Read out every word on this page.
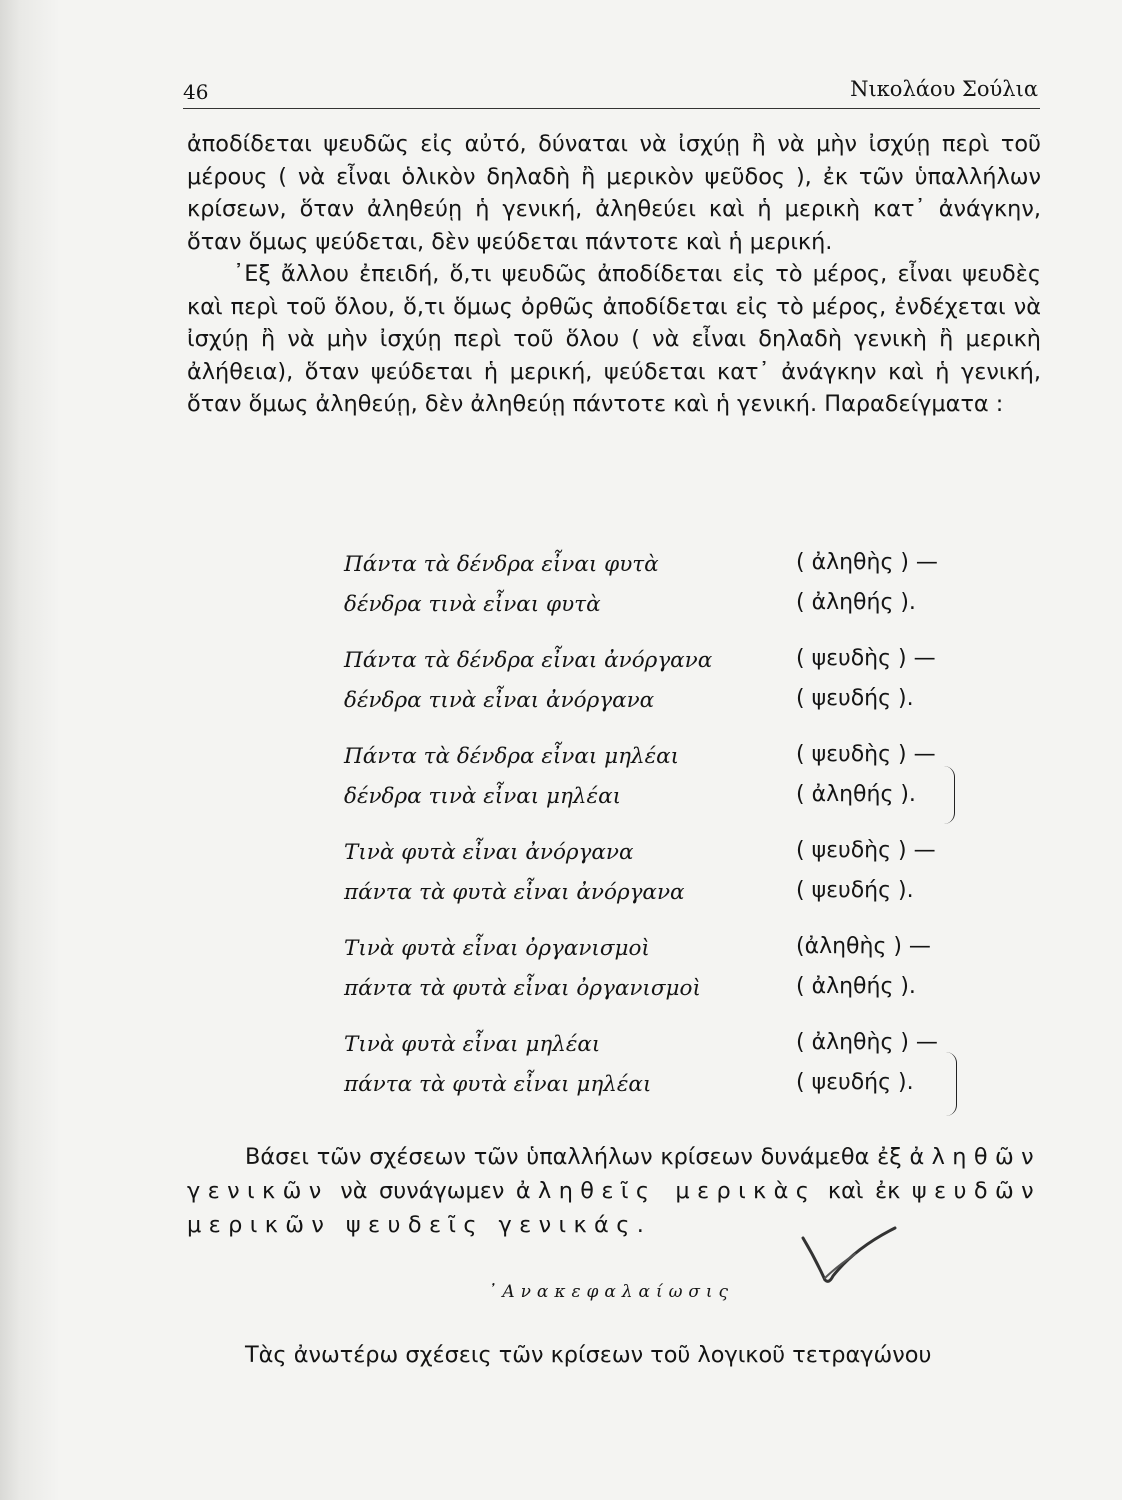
46	Νικολάου Σούλια

ἀποδίδεται ψευδῶς εἰς αὐτό, δύναται νὰ ἰσχύῃ ἢ νὰ μὴν ἰσχύῃ περὶ τοῦ μέρους ( νὰ εἶναι ὁλικὸν δηλαδὴ ἢ μερικὸν ψεῦδος ), ἐκ τῶν ὑπαλλήλων κρίσεων, ὅταν ἀληθεύῃ ἡ γενική, ἀληθεύει καὶ ἡ μερικὴ κατ᾽ ἀνάγκην, ὅταν ὅμως ψεύδεται, δὲν ψεύδεται πάντοτε καὶ ἡ μερική.

᾽Εξ ἄλλου ἐπειδή, ὅ,τι ψευδῶς ἀποδίδεται εἰς τὸ μέρος, εἶναι ψευδὲς καὶ περὶ τοῦ ὅλου, ὅ,τι ὅμως ὀρθῶς ἀποδίδεται εἰς τὸ μέρος, ἐνδέχεται νὰ ἰσχύῃ ἢ νὰ μὴν ἰσχύῃ περὶ τοῦ ὅλου ( νὰ εἶναι δηλαδὴ γενικὴ ἢ μερικὴ ἀλήθεια), ὅταν ψεύδεται ἡ μερική, ψεύδεται κατ᾽ ἀνάγκην καὶ ἡ γενική, ὅταν ὅμως ἀληθεύῃ, δὲν ἀληθεύῃ πάντοτε καὶ ἡ γενική. Παραδείγματα :

Πάντα τὰ δένδρα εἶναι φυτὰ	( ἀληθὴς ) —
δένδρα τινὰ εἶναι φυτὰ	( ἀληθής ).
Πάντα τὰ δένδρα εἶναι ἀνόργανα	( ψευδὴς ) —
δένδρα τινὰ εἶναι ἀνόργανα	( ψευδής ).
Πάντα τὰ δένδρα εἶναι μηλέαι	( ψευδὴς ) —
δένδρα τινὰ εἶναι μηλέαι	( ἀληθής ).
Τινὰ φυτὰ εἶναι ἀνόργανα	( ψευδὴς ) —
πάντα τὰ φυτὰ εἶναι ἀνόργανα	( ψευδής ).
Τινὰ φυτὰ εἶναι ὀργανισμοὶ	(ἀληθὴς ) —
πάντα τὰ φυτὰ εἶναι ὀργανισμοὶ	( ἀληθής ).
Τινὰ φυτὰ εἶναι μηλέαι	( ἀληθὴς ) —
πάντα τὰ φυτὰ εἶναι μηλέαι	( ψευδής ).
Βάσει τῶν σχέσεων τῶν ὑπαλλήλων κρίσεων δυνάμεθα ἐξ ἀληθῶν γενικῶν νὰ συνάγωμεν ἀληθεῖς μερικὰς καὶ ἐκ ψευδῶν μερικῶν ψευδεῖς γενικάς.
᾽Ανακεφαλαίωσις
Τὰς ἀνωτέρω σχέσεις τῶν κρίσεων τοῦ λογικοῦ τετραγώνου
